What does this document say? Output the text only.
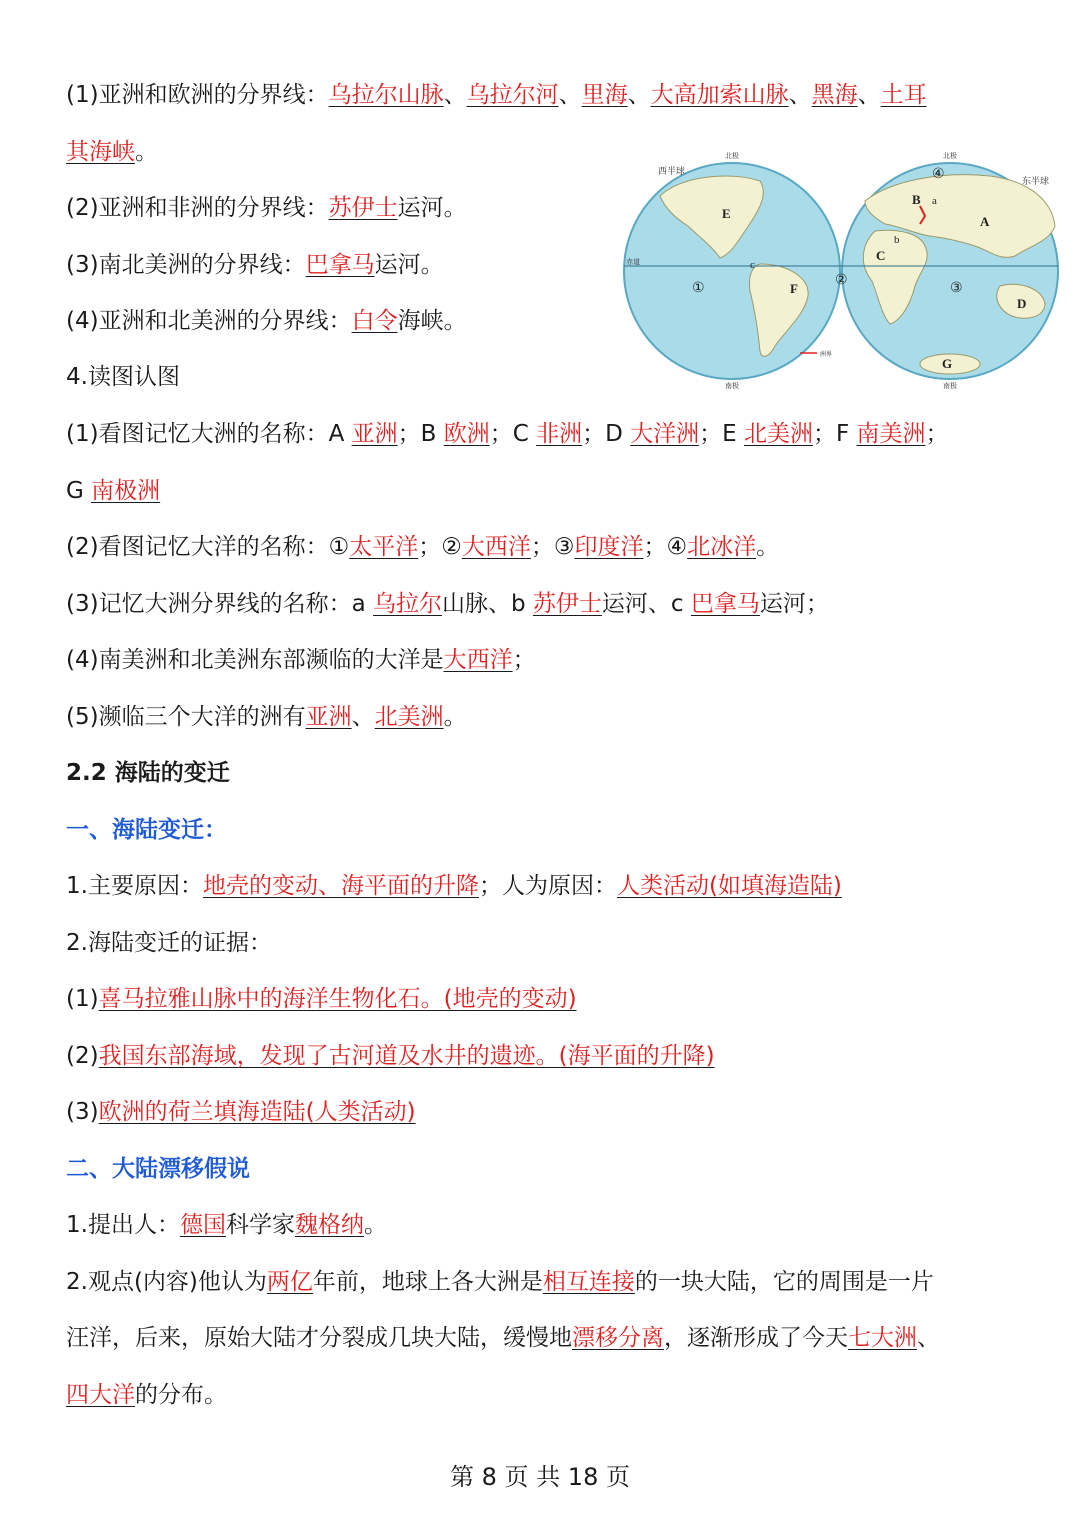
(1)亚洲和欧洲的分界线：乌拉尔山脉、乌拉尔河、里海、大高加索山脉、黑海、土耳
其海峡。
(2)亚洲和非洲的分界线：苏伊士运河。
(3)南北美洲的分界线：巴拿马运河。
(4)亚洲和北美洲的分界线：白令海峡。
西半球
东半球
北极	北极
南极	南极
赤道
洲界
A
B
C
D
E
F
G
a
b
c
①	②	③
④
4.读图认图
(1)看图记忆大洲的名称：A 亚洲；B 欧洲；C 非洲；D 大洋洲；E 北美洲；F 南美洲；
G 南极洲
(2)看图记忆大洋的名称：①太平洋；②大西洋；③印度洋；④北冰洋。
(3)记忆大洲分界线的名称：a 乌拉尔山脉、b 苏伊士运河、c 巴拿马运河；
(4)南美洲和北美洲东部濒临的大洋是大西洋；
(5)濒临三个大洋的洲有亚洲、北美洲。
2.2 海陆的变迁
一、海陆变迁：
1.主要原因：地壳的变动、海平面的升降；人为原因：人类活动(如填海造陆)
2.海陆变迁的证据：
(1)喜马拉雅山脉中的海洋生物化石。(地壳的变动)
(2)我国东部海域，发现了古河道及水井的遗迹。(海平面的升降)
(3)欧洲的荷兰填海造陆(人类活动)
二、大陆漂移假说
1.提出人：德国科学家魏格纳。
2.观点(内容)他认为两亿年前，地球上各大洲是相互连接的一块大陆，它的周围是一片
汪洋，后来，原始大陆才分裂成几块大陆，缓慢地漂移分离，逐渐形成了今天七大洲、
四大洋的分布。
第 8 页 共 18 页
